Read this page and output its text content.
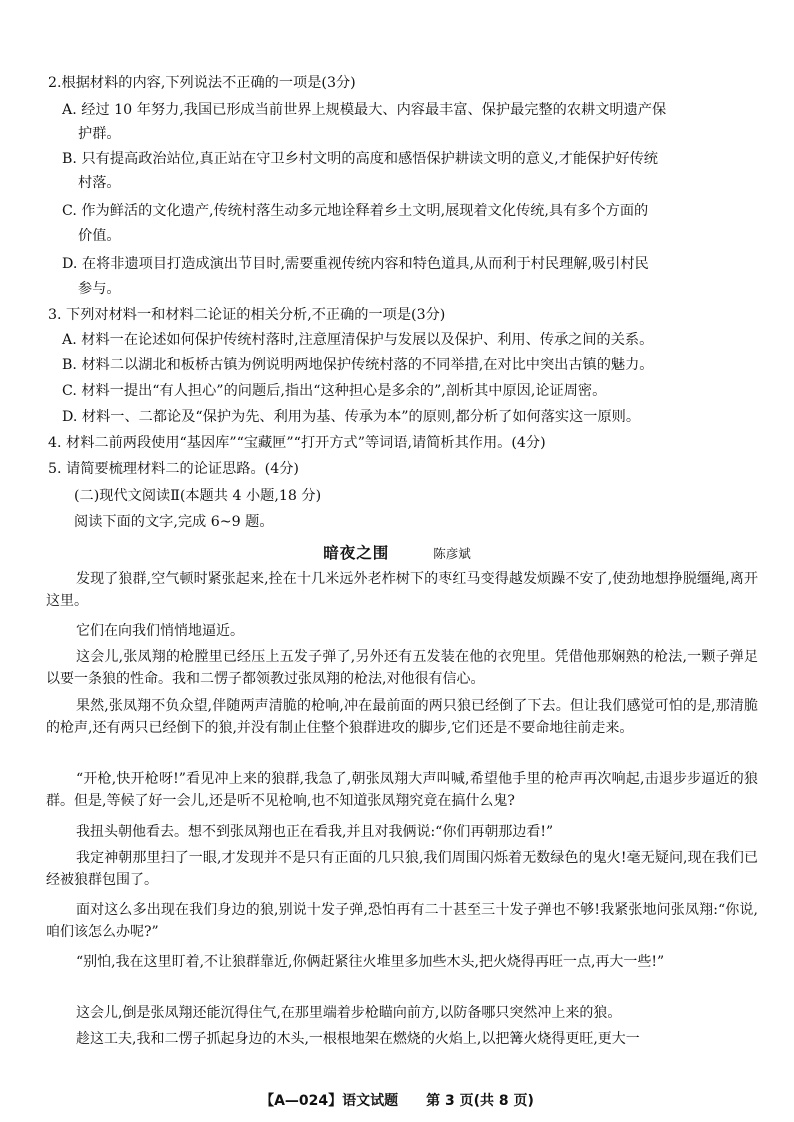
2.根据材料的内容,下列说法不正确的一项是(3分)
A. 经过 10 年努力,我国已形成当前世界上规模最大、内容最丰富、保护最完整的农耕文明遗产保
护群。
B. 只有提高政治站位,真正站在守卫乡村文明的高度和感悟保护耕读文明的意义,才能保护好传统
村落。
C. 作为鲜活的文化遗产,传统村落生动多元地诠释着乡土文明,展现着文化传统,具有多个方面的
价值。
D. 在将非遗项目打造成演出节目时,需要重视传统内容和特色道具,从而利于村民理解,吸引村民
参与。
3. 下列对材料一和材料二论证的相关分析,不正确的一项是(3分)
A. 材料一在论述如何保护传统村落时,注意厘清保护与发展以及保护、利用、传承之间的关系。
B. 材料二以湖北和板桥古镇为例说明两地保护传统村落的不同举措,在对比中突出古镇的魅力。
C. 材料一提出“有人担心”的问题后,指出“这种担心是多余的”,剖析其中原因,论证周密。
D. 材料一、二都论及“保护为先、利用为基、传承为本”的原则,都分析了如何落实这一原则。
4. 材料二前两段使用“基因库”“宝藏匣”“打开方式”等词语,请简析其作用。(4分)
5. 请简要梳理材料二的论证思路。(4分)
(二)现代文阅读Ⅱ(本题共 4 小题,18 分)
阅读下面的文字,完成 6~9 题。
暗夜之围	陈彦斌
发现了狼群,空气顿时紧张起来,拴在十几米远外老柞树下的枣红马变得越发烦躁不安了,使劲地想挣脱缰绳,离开这里。
它们在向我们悄悄地逼近。
这会儿,张凤翔的枪膛里已经压上五发子弹了,另外还有五发装在他的衣兜里。凭借他那娴熟的枪法,一颗子弹足以要一条狼的性命。我和二愣子都领教过张凤翔的枪法,对他很有信心。
果然,张凤翔不负众望,伴随两声清脆的枪响,冲在最前面的两只狼已经倒了下去。但让我们感觉可怕的是,那清脆的枪声,还有两只已经倒下的狼,并没有制止住整个狼群进攻的脚步,它们还是不要命地往前走来。
“开枪,快开枪呀!”看见冲上来的狼群,我急了,朝张凤翔大声叫喊,希望他手里的枪声再次响起,击退步步逼近的狼群。但是,等候了好一会儿,还是听不见枪响,也不知道张凤翔究竟在搞什么鬼?
我扭头朝他看去。想不到张凤翔也正在看我,并且对我俩说:“你们再朝那边看!”
我定神朝那里扫了一眼,才发现并不是只有正面的几只狼,我们周围闪烁着无数绿色的鬼火!毫无疑问,现在我们已经被狼群包围了。
面对这么多出现在我们身边的狼,别说十发子弹,恐怕再有二十甚至三十发子弹也不够!我紧张地问张凤翔:“你说,咱们该怎么办呢?”
“别怕,我在这里盯着,不让狼群靠近,你俩赶紧往火堆里多加些木头,把火烧得再旺一点,再大一些!”
这会儿,倒是张凤翔还能沉得住气,在那里端着步枪瞄向前方,以防备哪只突然冲上来的狼。
趁这工夫,我和二愣子抓起身边的木头,一根根地架在燃烧的火焰上,以把篝火烧得更旺,更大一
【A—024】语文试题 第 3 页(共 8 页)
